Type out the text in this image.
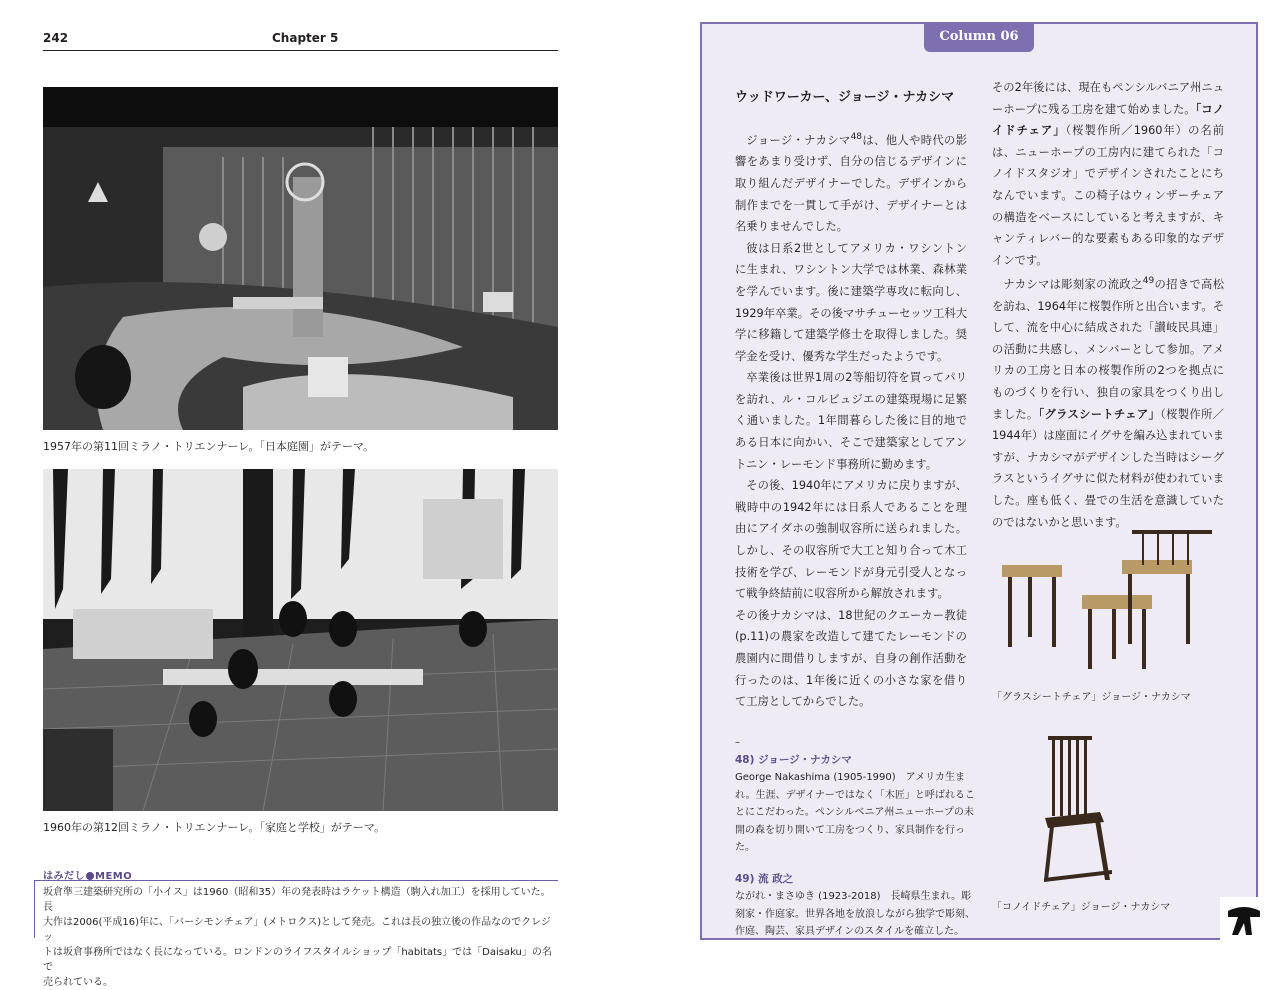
242	Chapter 5
1957年の第11回ミラノ・トリエンナーレ。「日本庭園」がテーマ。
1960年の第12回ミラノ・トリエンナーレ。「家庭と学校」がテーマ。
はみだし MEMO
坂倉準三建築研究所の「小イス」は1960（昭和35）年の発表時はラケット構造（駒入れ加工）を採用していた。長
大作は2006(平成16)年に、「バーシモンチェア」(メトロクス)として発売。これは長の独立後の作品なのでクレジッ
トは坂倉事務所ではなく長になっている。ロンドンのライフスタイルショップ「habitats」では「Daisaku」の名で
売られている。
Column 06
ウッドワーカー、ジョージ・ナカシマ

ジョージ・ナカシマ$^{48}$は、他人や時代の影響をあまり受けず、自分の信じるデザインに取り組んだデザイナーでした。デザインから制作までを一貫して手がけ、デザイナーとは名乗りませんでした。

彼は日系2世としてアメリカ・ワシントンに生まれ、ワシントン大学では林業、森林業を学んでいます。後に建築学専攻に転向し、1929年卒業。その後マサチューセッツ工科大学に移籍して建築学修士を取得しました。奨学金を受け、優秀な学生だったようです。

卒業後は世界1周の2等船切符を買ってパリを訪れ、ル・コルビュジエの建築現場に足繁く通いました。1年間暮らした後に目的地である日本に向かい、そこで建築家としてアントニン・レーモンド事務所に勤めます。

その後、1940年にアメリカに戻りますが、戦時中の1942年には日系人であることを理由にアイダホの強制収容所に送られました。しかし、その収容所で大工と知り合って木工技術を学び、レーモンドが身元引受人となって戦争終結前に収容所から解放されます。

その後ナカシマは、18世紀のクエーカー教徒(p.11)の農家を改造して建てたレーモンドの農園内に間借りしますが、自身の創作活動を行ったのは、1年後に近くの小さな家を借りて工房としてからでした。

その2年後には、現在もペンシルバニア州ニューホープに残る工房を建て始めました。「コノイドチェア」（桜製作所／1960年）の名前は、ニューホープの工房内に建てられた「コノイドスタジオ」でデザインされたことにちなんでいます。この椅子はウィンザーチェアの構造をベースにしていると考えますが、キャンティレバー的な要素もある印象的なデザインです。

ナカシマは彫刻家の流政之$^{49}$の招きで高松を訪ね、1964年に桜製作所と出合います。そして、流を中心に結成された「讃岐民具連」の活動に共感し、メンバーとして参加。アメリカの工房と日本の桜製作所の2つを拠点にものづくりを行い、独自の家具をつくり出しました。「グラスシートチェア」（桜製作所／1944年）は座面にイグサを編み込まれていますが、ナカシマがデザインした当時はシーグラスというイグサに似た材料が使われていました。座も低く、畳での生活を意識していたのではないかと思います。

–
48) ジョージ・ナカシマ
George Nakashima (1905-1990)　アメリカ生まれ。生涯、デザイナーではなく「木匠」と呼ばれることにこだわった。ペンシルベニア州ニューホープの未開の森を切り開いて工房をつくり、家具制作を行った。
49) 流 政之
ながれ・まさゆき (1923-2018)　長崎県生まれ。彫刻家・作庭家。世界各地を放浪しながら独学で彫刻、作庭、陶芸、家具デザインのスタイルを確立した。
「グラスシートチェア」ジョージ・ナカシマ
「コノイドチェア」ジョージ・ナカシマ
